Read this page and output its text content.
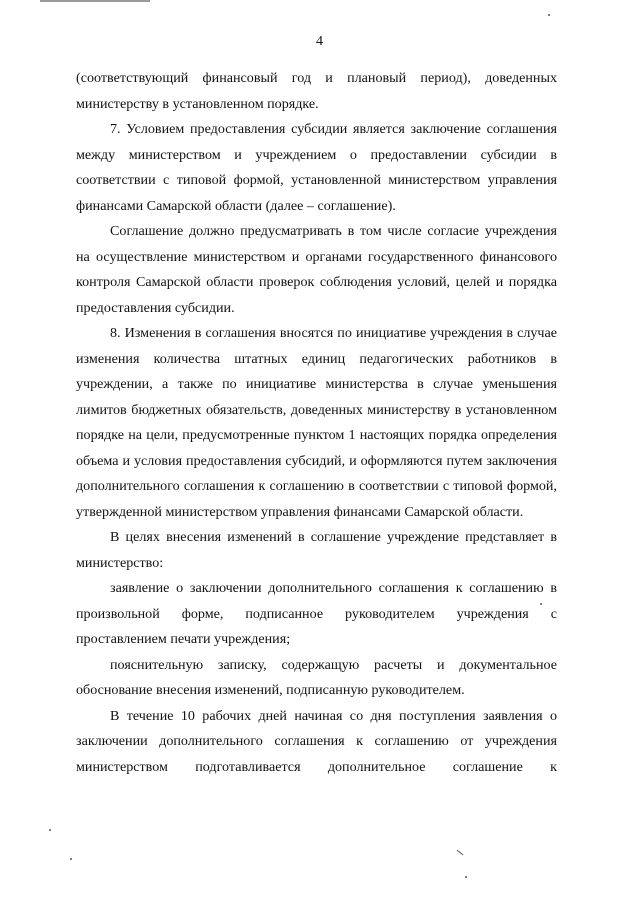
4

(соответствующий финансовый год и плановый период), доведенных министерству в установленном порядке.

7. Условием предоставления субсидии является заключение соглашения между министерством и учреждением о предоставлении субсидии в соответствии с типовой формой, установленной министерством управления финансами Самарской области (далее – соглашение).

Соглашение должно предусматривать в том числе согласие учреждения на осуществление министерством и органами государственного финансового контроля Самарской области проверок соблюдения условий, целей и порядка предоставления субсидии.

8. Изменения в соглашения вносятся по инициативе учреждения в случае изменения количества штатных единиц педагогических работников в учреждении, а также по инициативе министерства в случае уменьшения лимитов бюджетных обязательств, доведенных министерству в установленном порядке на цели, предусмотренные пунктом 1 настоящих порядка определения объема и условия предоставления субсидий, и оформляются путем заключения дополнительного соглашения к соглашению в соответствии с типовой формой, утвержденной министерством управления финансами Самарской области.

В целях внесения изменений в соглашение учреждение представляет в министерство:

заявление о заключении дополнительного соглашения к соглашению в произвольной форме, подписанное руководителем учреждения с проставлением печати учреждения;

пояснительную записку, содержащую расчеты и документальное обоснование внесения изменений, подписанную руководителем.

В течение 10 рабочих дней начиная со дня поступления заявления о заключении дополнительного соглашения к соглашению от учреждения министерством подготавливается дополнительное соглашение к
